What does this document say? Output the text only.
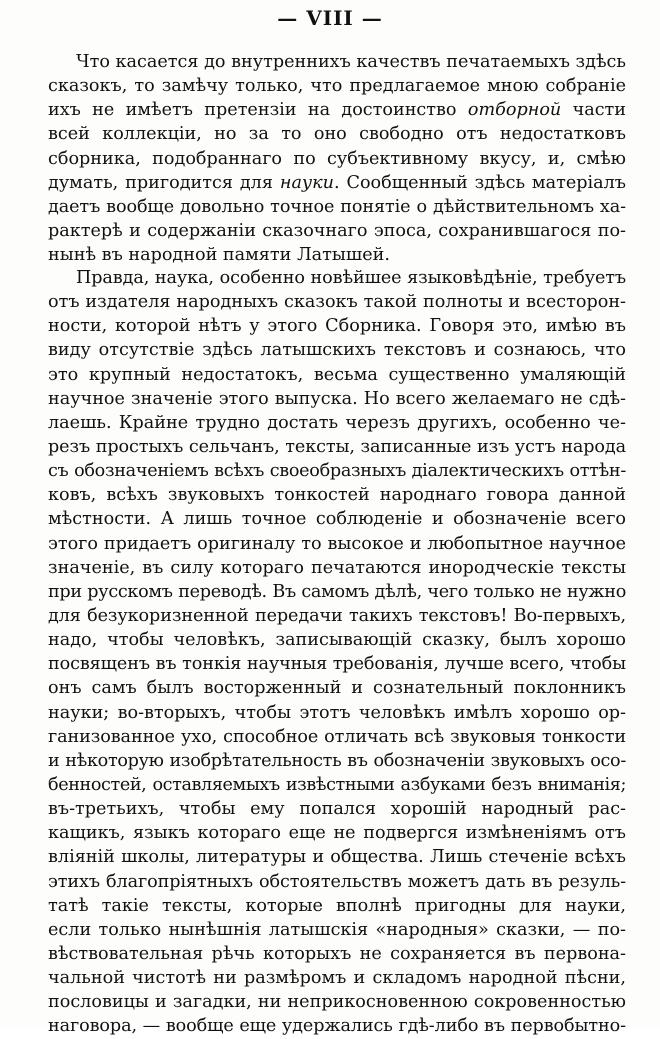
— VIII —
Что касается до внутреннихъ качествъ печатаемыхъ здѣсь
сказокъ, то замѣчу только, что предлагаемое мною собраніе
ихъ не имѣетъ претензіи на достоинство отборной части
всей коллекціи, но за то оно свободно отъ недостатковъ
сборника, подобраннаго по субъективному вкусу, и, смѣю
думать, пригодится для науки. Сообщенный здѣсь матеріалъ
даетъ вообще довольно точное понятіе о дѣйствительномъ ха-
рактерѣ и содержаніи сказочнаго эпоса, сохранившагося по-
нынѣ въ народной памяти Латышей.
Правда, наука, особенно новѣйшее языковѣдѣніе, требуетъ
отъ издателя народныхъ сказокъ такой полноты и всесторон-
ности, которой нѣтъ у этого Сборника. Говоря это, имѣю въ
виду отсутствіе здѣсь латышскихъ текстовъ и сознаюсь, что
это крупный недостатокъ, весьма существенно умаляющій
научное значеніе этого выпуска. Но всего желаемаго не сдѣ-
лаешь. Крайне трудно достать черезъ другихъ, особенно че-
резъ простыхъ сельчанъ, тексты, записанные изъ устъ народа
съ обозначеніемъ всѣхъ своеобразныхъ діалектическихъ оттѣн-
ковъ, всѣхъ звуковыхъ тонкостей народнаго говора данной
мѣстности. А лишь точное соблюденіе и обозначеніе всего
этого придаетъ оригиналу то высокое и любопытное научное
значеніе, въ силу котораго печатаются инородческіе тексты
при русскомъ переводѣ. Въ самомъ дѣлѣ, чего только не нужно
для безукоризненной передачи такихъ текстовъ! Во-первыхъ,
надо, чтобы человѣкъ, записывающій сказку, былъ хорошо
посвященъ въ тонкія научныя требованія, лучше всего, чтобы
онъ самъ былъ восторженный и сознательный поклонникъ
науки; во-вторыхъ, чтобы этотъ человѣкъ имѣлъ хорошо ор-
ганизованное ухо, способное отличать всѣ звуковыя тонкости
и нѣкоторую изобрѣтательность въ обозначеніи звуковыхъ осо-
бенностей, оставляемыхъ извѣстными азбуками безъ вниманія;
въ-третьихъ, чтобы ему попался хорошій народный рас-
кащикъ, языкъ котораго еще не подвергся измѣненіямъ отъ
вліяній школы, литературы и общества. Лишь стеченіе всѣхъ
этихъ благопріятныхъ обстоятельствъ можетъ дать въ резуль-
татѣ такіе тексты, которые вполнѣ пригодны для науки,
если только нынѣшнія латышскія «народныя» сказки, — по-
вѣствовательная рѣчь которыхъ не сохраняется въ первона-
чальной чистотѣ ни размѣромъ и складомъ народной пѣсни,
пословицы и загадки, ни неприкосновенною сокровенностью
наговора, — вообще еще удержались гдѣ-либо въ первобытно-
